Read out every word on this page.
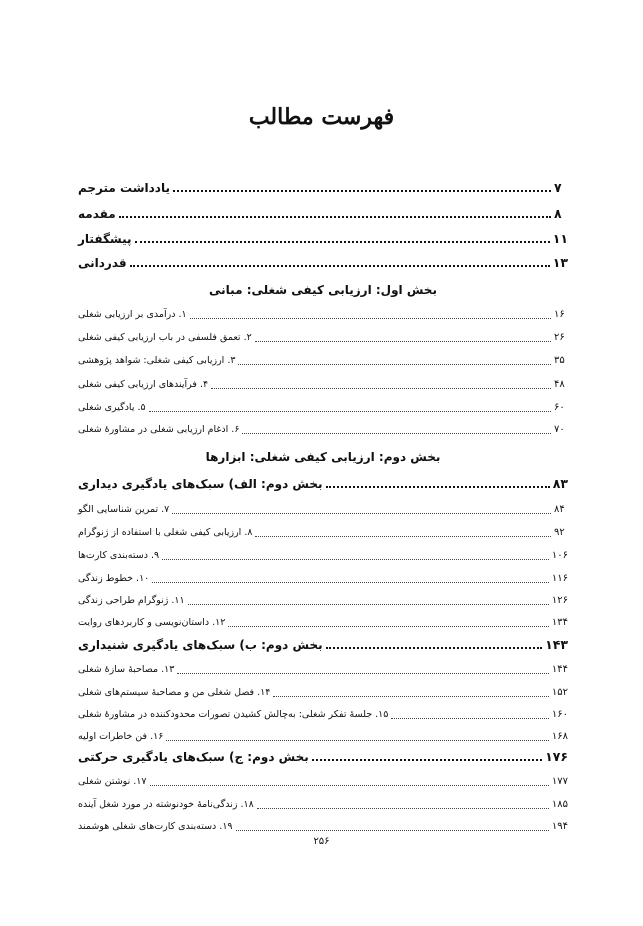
فهرست مطالب
یادداشت مترجم	۷
مقدمه	۸
پیشگفتار	۱۱
قدردانی	۱۳
بخش اول: ارزیابی کیفی شغلی: مبانی
۱. درآمدی بر ارزیابی شغلی	۱۶
۲. تعمق فلسفی در باب ارزیابی کیفی شغلی	۲۶
۳. ارزیابی کیفی شغلی: شواهد پژوهشی	۳۵
۴. فرآیندهای ارزیابی کیفی شغلی	۴۸
۵. یادگیری شغلی	۶۰
۶. ادغام ارزیابی شغلی در مشاورهٔ شغلی	۷۰
بخش دوم: ارزیابی کیفی شغلی: ابزارها
بخش دوم: الف) سبک‌های یادگیری دیداری	۸۳
۷. تمرین شناسایی الگو	۸۴
۸. ارزیابی کیفی شغلی با استفاده از ژنوگرام	۹۲
۹. دسته‌بندی کارت‌ها	۱۰۶
۱۰. خطوط زندگی	۱۱۶
۱۱. ژنوگرام طراحی زندگی	۱۲۶
۱۲. داستان‌نویسی و کاربردهای روایت	۱۳۴
بخش دوم: ب) سبک‌های یادگیری شنیداری	۱۴۳
۱۳. مصاحبهٔ سازهٔ شغلی	۱۴۴
۱۴. فصل شغلی من و مصاحبهٔ سیستم‌های شغلی	۱۵۲
۱۵. جلسهٔ تفکر شغلی: به‌چالش کشیدن تصورات محدودکننده در مشاورهٔ شغلی	۱۶۰
۱۶. فن خاطرات اولیه	۱۶۸
بخش دوم: ج) سبک‌های یادگیری حرکتی	۱۷۶
۱۷. نوشتن شغلی	۱۷۷
۱۸. زندگی‌نامهٔ خودنوشته در مورد شغل آینده	۱۸۵
۱۹. دسته‌بندی کارت‌های شغلی هوشمند	۱۹۴
۲۵۶
